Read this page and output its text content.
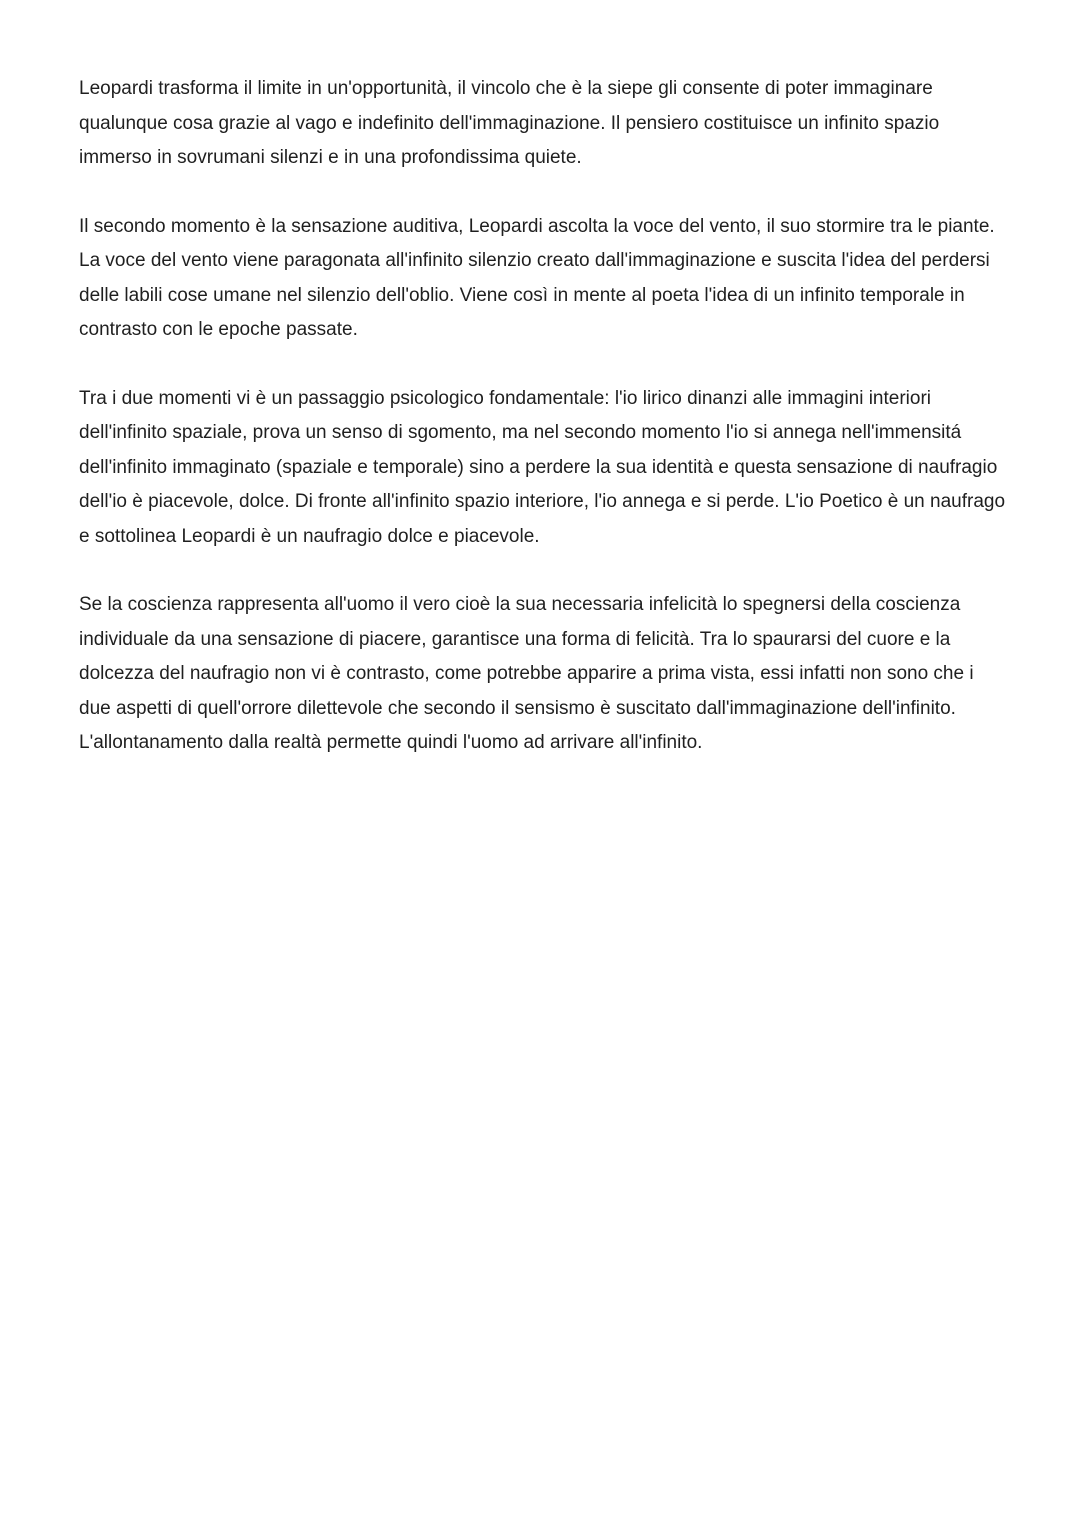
Leopardi trasforma il limite in un'opportunità, il vincolo che è la siepe gli consente di poter immaginare qualunque cosa grazie al vago e indefinito dell'immaginazione. Il pensiero costituisce un infinito spazio immerso in sovrumani silenzi e in una profondissima quiete.

Il secondo momento è la sensazione auditiva, Leopardi ascolta la voce del vento, il suo stormire tra le piante. La voce del vento viene paragonata all'infinito silenzio creato dall'immaginazione e suscita l'idea del perdersi delle labili cose umane nel silenzio dell'oblio. Viene così in mente al poeta l'idea di un infinito temporale in contrasto con le epoche passate.

Tra i due momenti vi è un passaggio psicologico fondamentale: l'io lirico dinanzi alle immagini interiori dell'infinito spaziale, prova un senso di sgomento, ma nel secondo momento l'io si annega nell'immensitá dell'infinito immaginato (spaziale e temporale) sino a perdere la sua identità e questa sensazione di naufragio dell'io è piacevole, dolce. Di fronte all'infinito spazio interiore, l'io annega e si perde. L'io Poetico è un naufrago e sottolinea Leopardi è un naufragio dolce e piacevole.

Se la coscienza rappresenta all'uomo il vero cioè la sua necessaria infelicità lo spegnersi della coscienza individuale da una sensazione di piacere, garantisce una forma di felicità. Tra lo spaurarsi del cuore e la dolcezza del naufragio non vi è contrasto, come potrebbe apparire a prima vista, essi infatti non sono che i due aspetti di quell'orrore dilettevole che secondo il sensismo è suscitato dall'immaginazione dell'infinito. L'allontanamento dalla realtà permette quindi l'uomo ad arrivare all'infinito.
